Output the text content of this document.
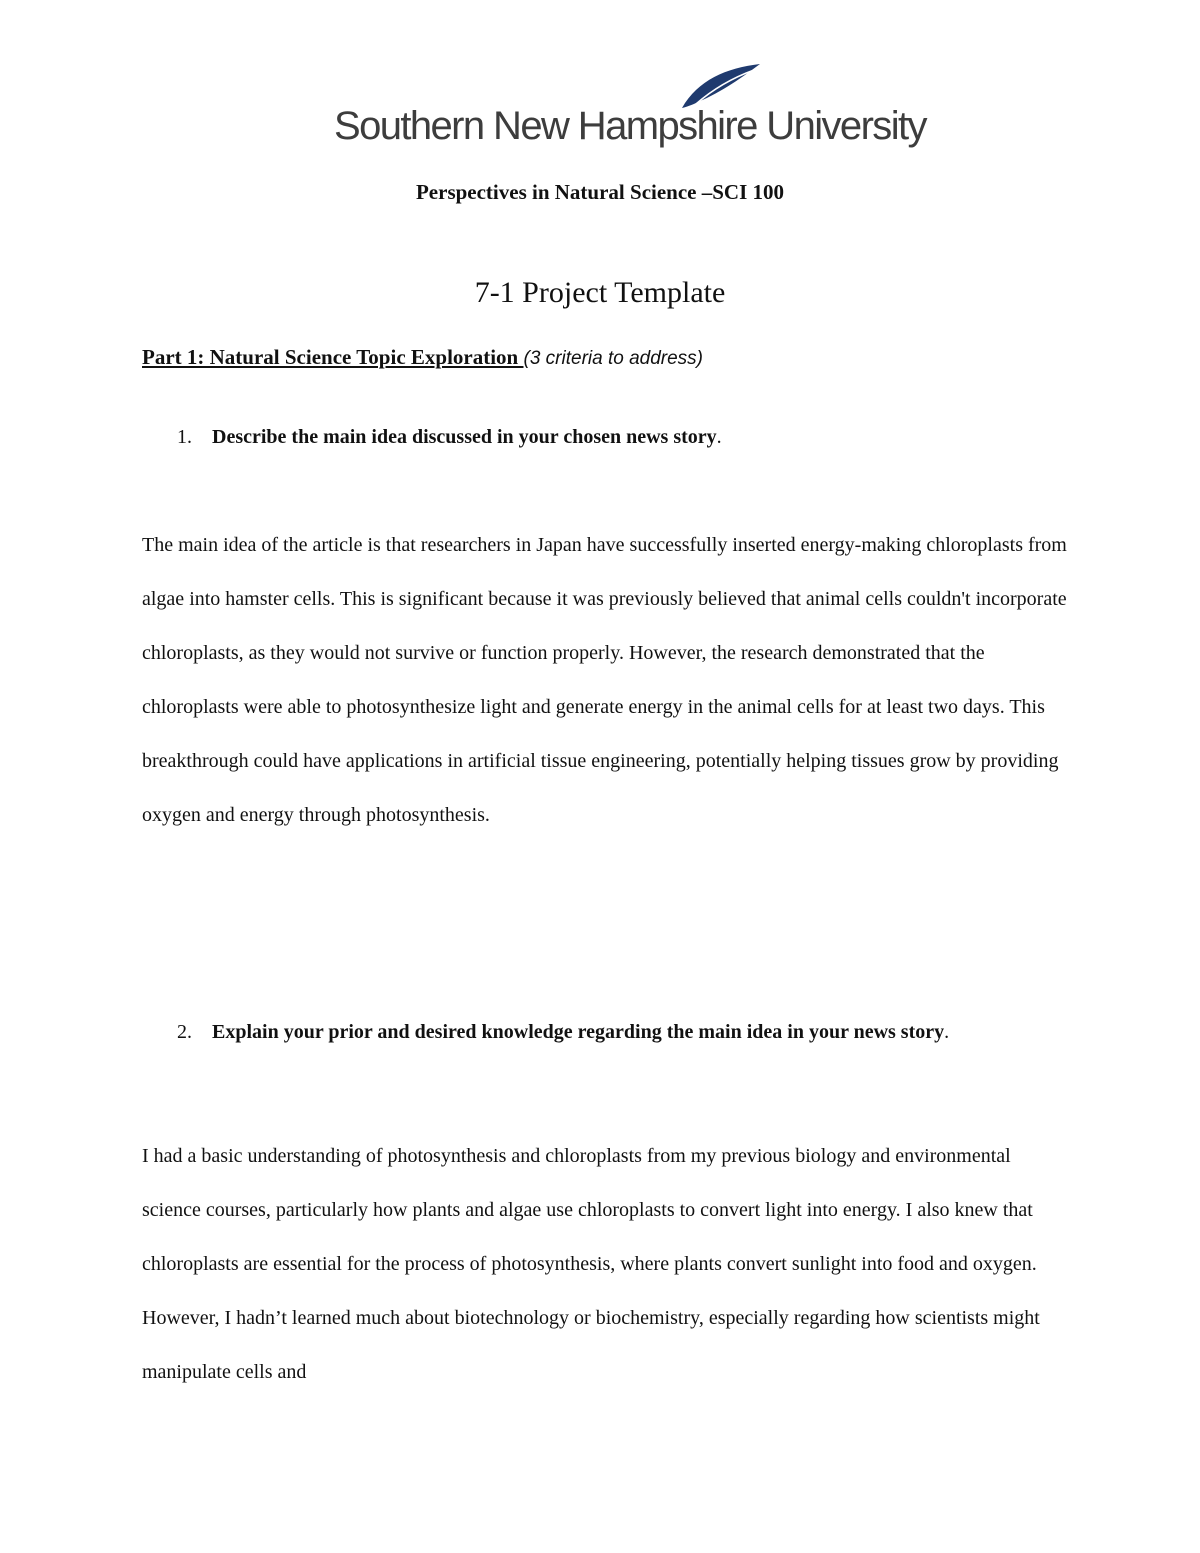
Southern New Hampshire University
Perspectives in Natural Science –SCI 100
7-1 Project Template
Part 1: Natural Science Topic Exploration (3 criteria to address)
1. Describe the main idea discussed in your chosen news story.

The main idea of the article is that researchers in Japan have successfully inserted energy-making chloroplasts from algae into hamster cells. This is significant because it was previously believed that animal cells couldn't incorporate chloroplasts, as they would not survive or function properly. However, the research demonstrated that the chloroplasts were able to photosynthesize light and generate energy in the animal cells for at least two days. This breakthrough could have applications in artificial tissue engineering, potentially helping tissues grow by providing oxygen and energy through photosynthesis.

2. Explain your prior and desired knowledge regarding the main idea in your news story.

I had a basic understanding of photosynthesis and chloroplasts from my previous biology and environmental science courses, particularly how plants and algae use chloroplasts to convert light into energy. I also knew that chloroplasts are essential for the process of photosynthesis, where plants convert sunlight into food and oxygen. However, I hadn’t learned much about biotechnology or biochemistry, especially regarding how scientists might manipulate cells and
